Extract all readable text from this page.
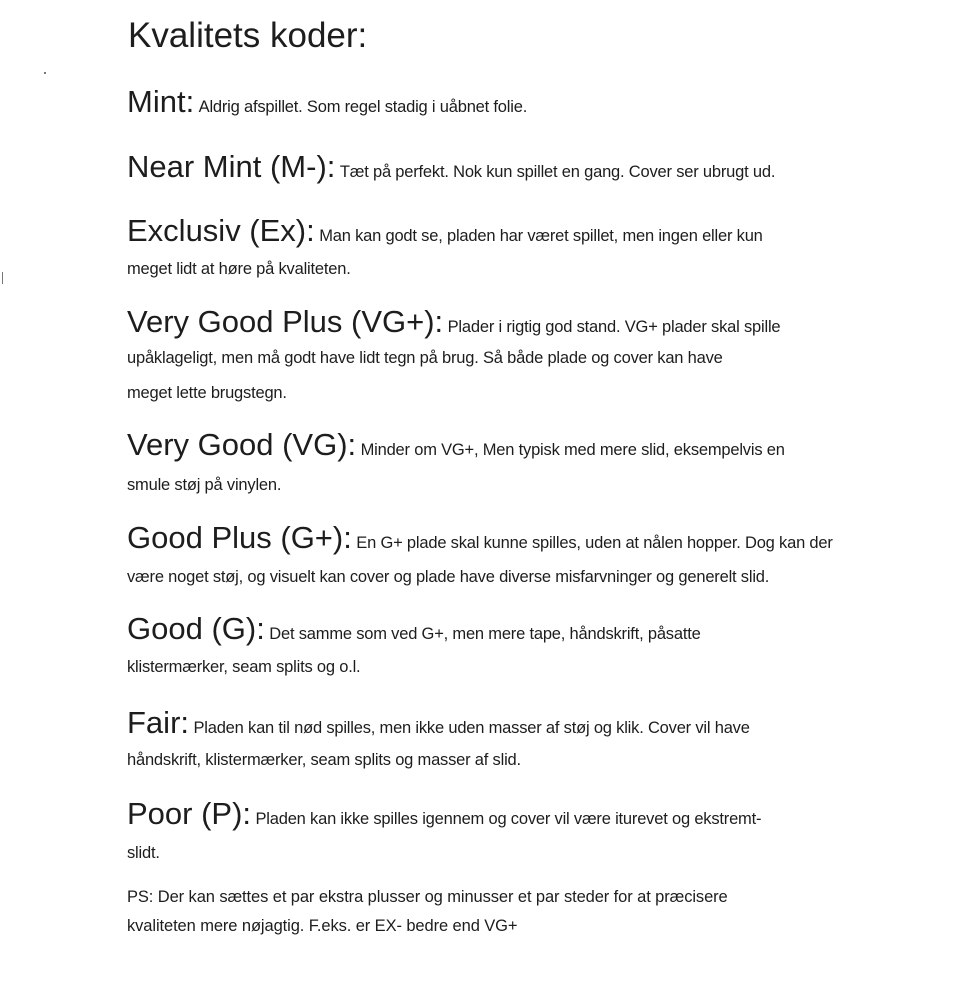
Kvalitets koder:
Mint: Aldrig afspillet. Som regel stadig i uåbnet folie.
Near Mint (M-): Tæt på perfekt. Nok kun spillet en gang. Cover ser ubrugt ud.
Exclusiv (Ex): Man kan godt se, pladen har været spillet, men ingen eller kun
meget lidt at høre på kvaliteten.
Very Good Plus (VG+): Plader i rigtig god stand. VG+ plader skal spille
upåklageligt, men må godt have lidt tegn på brug. Så både plade og cover kan have
meget lette brugstegn.
Very Good (VG): Minder om VG+, Men typisk med mere slid, eksempelvis en
smule støj på vinylen.
Good Plus (G+): En G+ plade skal kunne spilles, uden at nålen hopper. Dog kan der
være noget støj, og visuelt kan cover og plade have diverse misfarvninger og generelt slid.
Good (G): Det samme som ved G+, men mere tape, håndskrift, påsatte
klistermærker, seam splits og o.l.
Fair: Pladen kan til nød spilles, men ikke uden masser af støj og klik. Cover vil have
håndskrift, klistermærker, seam splits og masser af slid.
Poor (P): Pladen kan ikke spilles igennem og cover vil være iturevet og ekstremt-
slidt.
PS: Der kan sættes et par ekstra plusser og minusser et par steder for at præcisere
kvaliteten mere nøjagtig. F.eks. er EX- bedre end VG+
